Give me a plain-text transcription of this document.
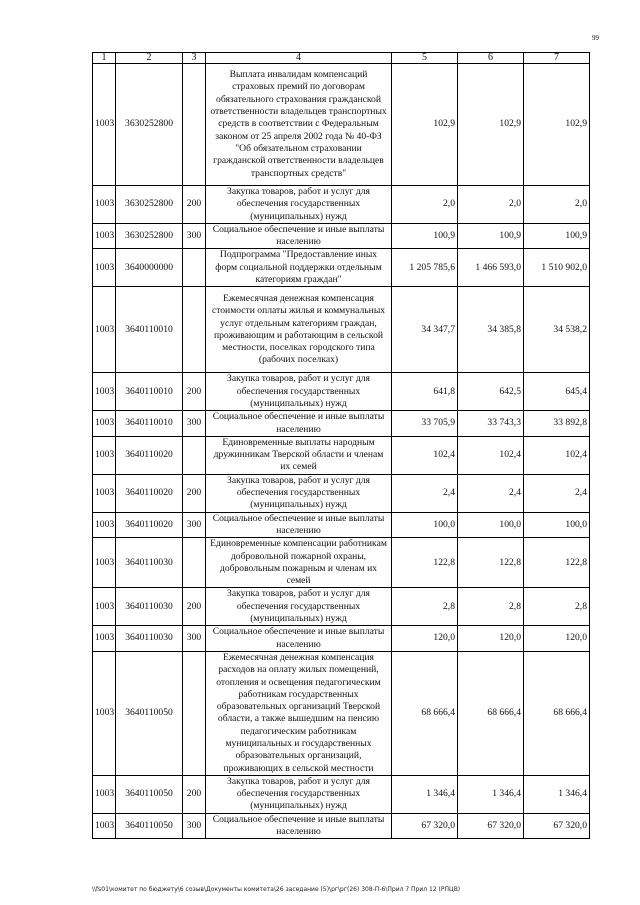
99
1	2	3	4	5	6	7
1003	3630252800		Выплата инвалидам компенсаций страховых премий по договорам обязательного страхования гражданской ответственности владельцев транспортных средств в соответствии с Федеральным законом от 25 апреля 2002 года № 40-ФЗ "Об обязательном страховании гражданской ответственности владельцев транспортных средств"	102,9	102,9	102,9
1003	3630252800	200	Закупка товаров, работ и услуг для обеспечения государственных (муниципальных) нужд	2,0	2,0	2,0
1003	3630252800	300	Социальное обеспечение и иные выплаты населению	100,9	100,9	100,9
1003	3640000000		Подпрограмма "Предоставление иных форм социальной поддержки отдельным категориям граждан"	1 205 785,6	1 466 593,0	1 510 902,0
1003	3640110010		Ежемесячная денежная компенсация стоимости оплаты жилья и коммунальных услуг отдельным категориям граждан, проживающим и работающим в сельской местности, поселках городского типа (рабочих поселках)	34 347,7	34 385,8	34 538,2
1003	3640110010	200	Закупка товаров, работ и услуг для обеспечения государственных (муниципальных) нужд	641,8	642,5	645,4
1003	3640110010	300	Социальное обеспечение и иные выплаты населению	33 705,9	33 743,3	33 892,8
1003	3640110020		Единовременные выплаты народным дружинникам Тверской области и членам их семей	102,4	102,4	102,4
1003	3640110020	200	Закупка товаров, работ и услуг для обеспечения государственных (муниципальных) нужд	2,4	2,4	2,4
1003	3640110020	300	Социальное обеспечение и иные выплаты населению	100,0	100,0	100,0
1003	3640110030		Единовременные компенсации работникам добровольной пожарной охраны, добровольным пожарным и членам их семей	122,8	122,8	122,8
1003	3640110030	200	Закупка товаров, работ и услуг для обеспечения государственных (муниципальных) нужд	2,8	2,8	2,8
1003	3640110030	300	Социальное обеспечение и иные выплаты населению	120,0	120,0	120,0
1003	3640110050		Ежемесячная денежная компенсация расходов на оплату жилых помещений, отопления и освещения педагогическим работникам государственных образовательных организаций Тверской области, а также вышедшим на пенсию педагогическим работникам муниципальных и государственных образовательных организаций, проживающих в сельской местности	68 666,4	68 666,4	68 666,4
1003	3640110050	200	Закупка товаров, работ и услуг для обеспечения государственных (муниципальных) нужд	1 346,4	1 346,4	1 346,4
1003	3640110050	300	Социальное обеспечение и иные выплаты населению	67 320,0	67 320,0	67 320,0
\\fs01\комитет по бюджету\6 созыв\Документы комитета\26 заседание (5)\рг\рг(26) 308-П-6\Прил 7 Прил 12 (РПЦВ)
